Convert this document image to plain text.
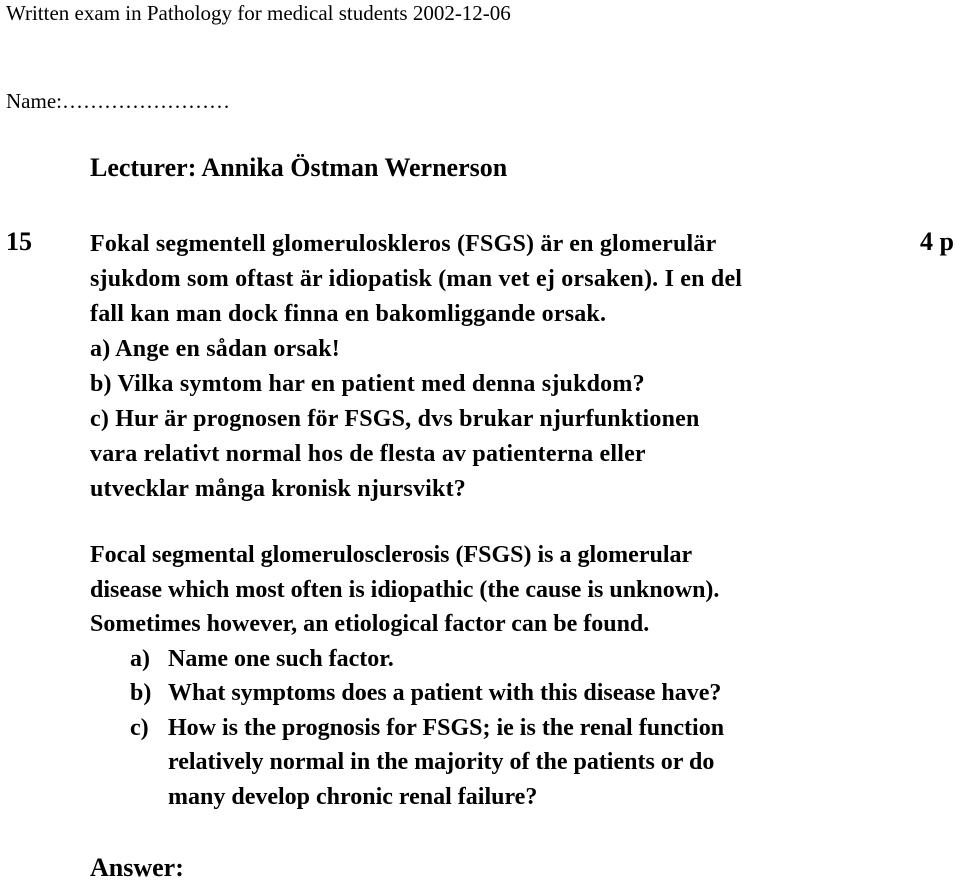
Written exam in Pathology for medical students 2002-12-06
Name:……………………
Lecturer: Annika Östman Wernerson
15	4 p
Fokal segmentell glomeruloskleros (FSGS) är en glomerulär
sjukdom som oftast är idiopatisk (man vet ej orsaken). I en del
fall kan man dock finna en bakomliggande orsak.
a) Ange en sådan orsak!
b) Vilka symtom har en patient med denna sjukdom?
c) Hur är prognosen för FSGS, dvs brukar njurfunktionen
vara relativt normal hos de flesta av patienterna eller
utvecklar många kronisk njursvikt?
Focal segmental glomerulosclerosis (FSGS) is a glomerular
disease which most often is idiopathic (the cause is unknown).
Sometimes however, an etiological factor can be found.
a) Name one such factor.
b) What symptoms does a patient with this disease have?
c) How is the prognosis for FSGS; ie is the renal function
relatively normal in the majority of the patients or do
many develop chronic renal failure?
Answer:
